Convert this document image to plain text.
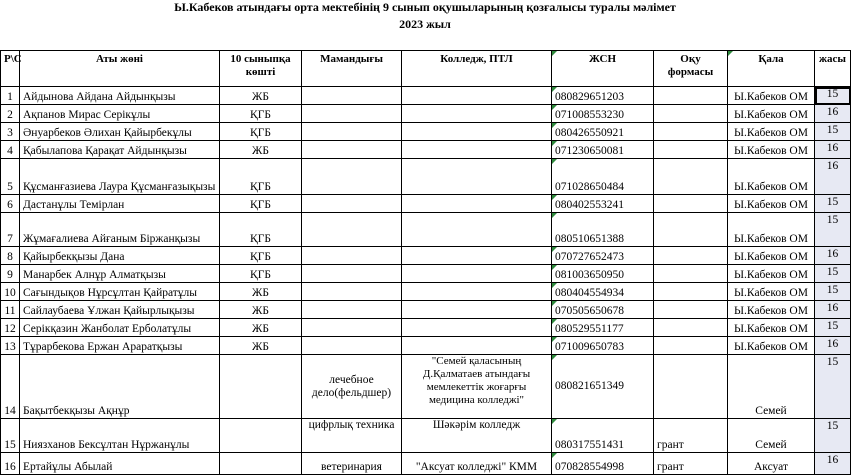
Ы.Кабеков атындағы орта мектебінің 9 сынып оқушыларының қозғалысы туралы мәлімет
2023 жыл
Р\С	Аты жөні	10 сыныпқа көшті	Мамандығы	Колледж, ПТЛ	ЖСН	Оқу формасы	Қала	жасы
1	Айдынова Айдана Айдынқызы	ЖБ			080829651203		Ы.Кабеков ОМ	15
2	Ақпанов Мирас Серікұлы	ҚГБ			071008553230		Ы.Кабеков ОМ	16
3	Әнуарбеков Әлихан Қайырбекұлы	ҚГБ			080426550921		Ы.Кабеков ОМ	15
4	Қабылапова Қарақат Айдынқызы	ЖБ			071230650081		Ы.Кабеков ОМ	16
5	Құсманғазиева Лаура Құсманғазықызы	ҚГБ			071028650484		Ы.Кабеков ОМ	16
6	Дастанұлы Темірлан	ҚГБ			080402553241		Ы.Кабеков ОМ	15
7	Жұмағалиева Айғаным Біржанқызы	ҚГБ			080510651388		Ы.Кабеков ОМ	15
8	Қайырбекқызы Дана	ҚГБ			070727652473		Ы.Кабеков ОМ	16
9	Манарбек Алнұр Алматқызы	ҚГБ			081003650950		Ы.Кабеков ОМ	15
10	Сағындықов Нұрсұлтан Қайратұлы	ЖБ			080404554934		Ы.Кабеков ОМ	15
11	Сайлаубаева Ұлжан Қайырлықызы	ЖБ			070505650678		Ы.Кабеков ОМ	16
12	Серікқазин Жанболат Ерболатұлы	ЖБ			080529551177		Ы.Кабеков ОМ	15
13	Тұрарбекова Ержан Араратқызы	ЖБ			071009650783		Ы.Кабеков ОМ	16
14	Бақытбекқызы Ақнұр		лечебное дело(фельдшер)	"Семей қаласының Д.Қалматаев атындағы мемлекеттік жоғарғы медицина колледжі"	080821651349		Семей	15
15	Ниязханов Бексұлтан Нұржанұлы		цифрлық техника	Шәкәрім колледж	080317551431	грант	Семей	15
16	Ертайұлы Абылай		ветеринария	"Аксуат колледжі" КММ	070828554998	грант	Аксуат	16
